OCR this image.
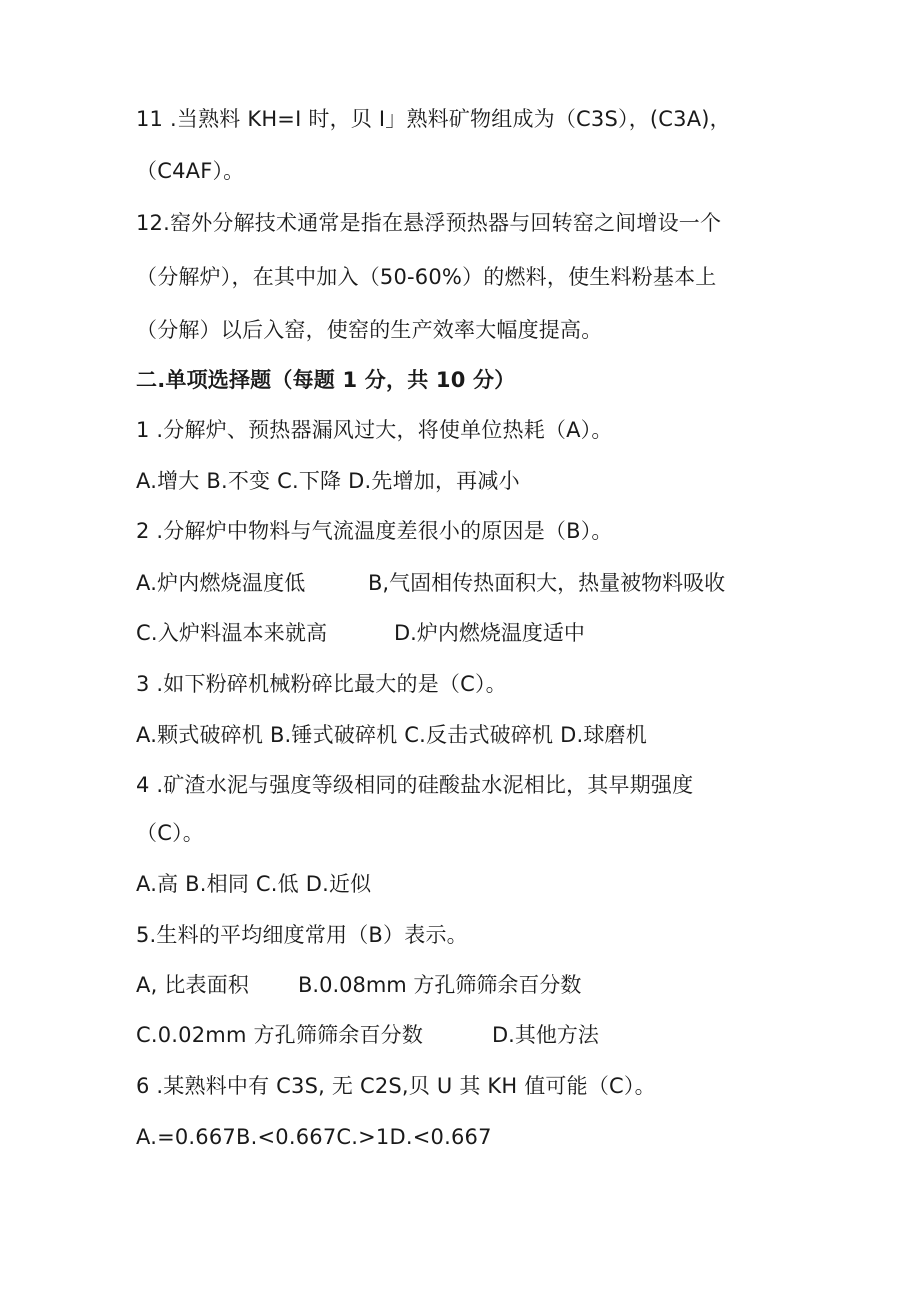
11 .当熟料 KH=I 时，贝 I」熟料矿物组成为（C3S），(C3A)，
（C4AF）。
12.窑外分解技术通常是指在悬浮预热器与回转窑之间增设一个
（分解炉），在其中加入（50-60%）的燃料，使生料粉基本上
（分解）以后入窑，使窑的生产效率大幅度提高。
二.单项选择题（每题 1 分，共 10 分）
1 .分解炉、预热器漏风过大，将使单位热耗（A）。
A.增大 B.不变 C.下降 D.先增加，再减小
2 .分解炉中物料与气流温度差很小的原因是（B）。
A.炉内燃烧温度低	B,气固相传热面积大，热量被物料吸收
C.入炉料温本来就高	D.炉内燃烧温度适中
3 .如下粉碎机械粉碎比最大的是（C）。
A.颗式破碎机 B.锤式破碎机 C.反击式破碎机 D.球磨机
4 .矿渣水泥与强度等级相同的硅酸盐水泥相比，其早期强度
（C）。
A.高 B.相同 C.低 D.近似
5.生料的平均细度常用（B）表示。
A, 比表面积 B.0.08mm 方孔筛筛余百分数
C.0.02mm 方孔筛筛余百分数	D.其他方法
6 .某熟料中有 C3S, 无 C2S,贝 U 其 KH 值可能（C）。
A.=0.667B.<0.667C.>1D.<0.667
